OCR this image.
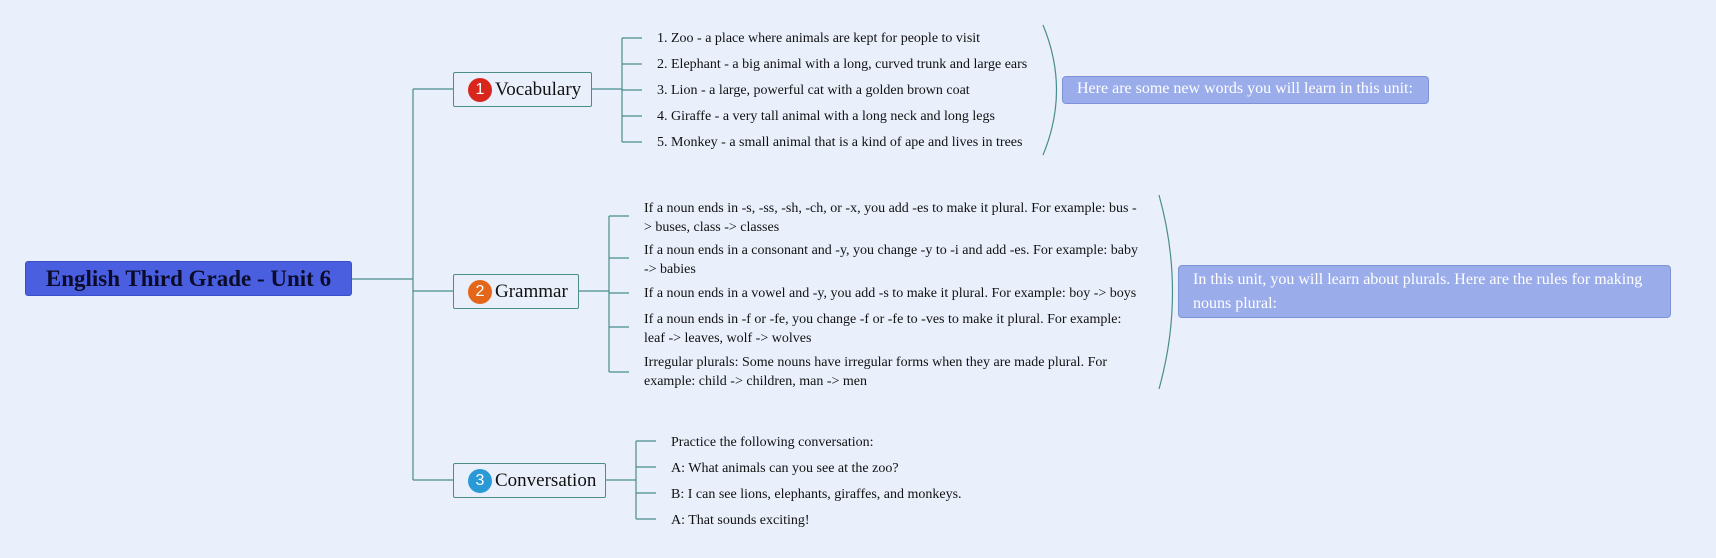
English Third Grade - Unit 6
1 Vocabulary
1. Zoo - a place where animals are kept for people to visit
2. Elephant - a big animal with a long, curved trunk and large ears
3. Lion - a large, powerful cat with a golden brown coat
4. Giraffe - a very tall animal with a long neck and long legs
5. Monkey - a small animal that is a kind of ape and lives in trees
Here are some new words you will learn in this unit:
2 Grammar
If a noun ends in -s, -ss, -sh, -ch, or -x, you add -es to make it plural. For example: bus -> buses, class -> classes
If a noun ends in a consonant and -y, you change -y to -i and add -es. For example: baby -> babies
If a noun ends in a vowel and -y, you add -s to make it plural. For example: boy -> boys
If a noun ends in -f or -fe, you change -f or -fe to -ves to make it plural. For example: leaf -> leaves, wolf -> wolves
Irregular plurals: Some nouns have irregular forms when they are made plural. For example: child -> children, man -> men
In this unit, you will learn about plurals. Here are the rules for making nouns plural:
3 Conversation
Practice the following conversation:
A: What animals can you see at the zoo?
B: I can see lions, elephants, giraffes, and monkeys.
A: That sounds exciting!
